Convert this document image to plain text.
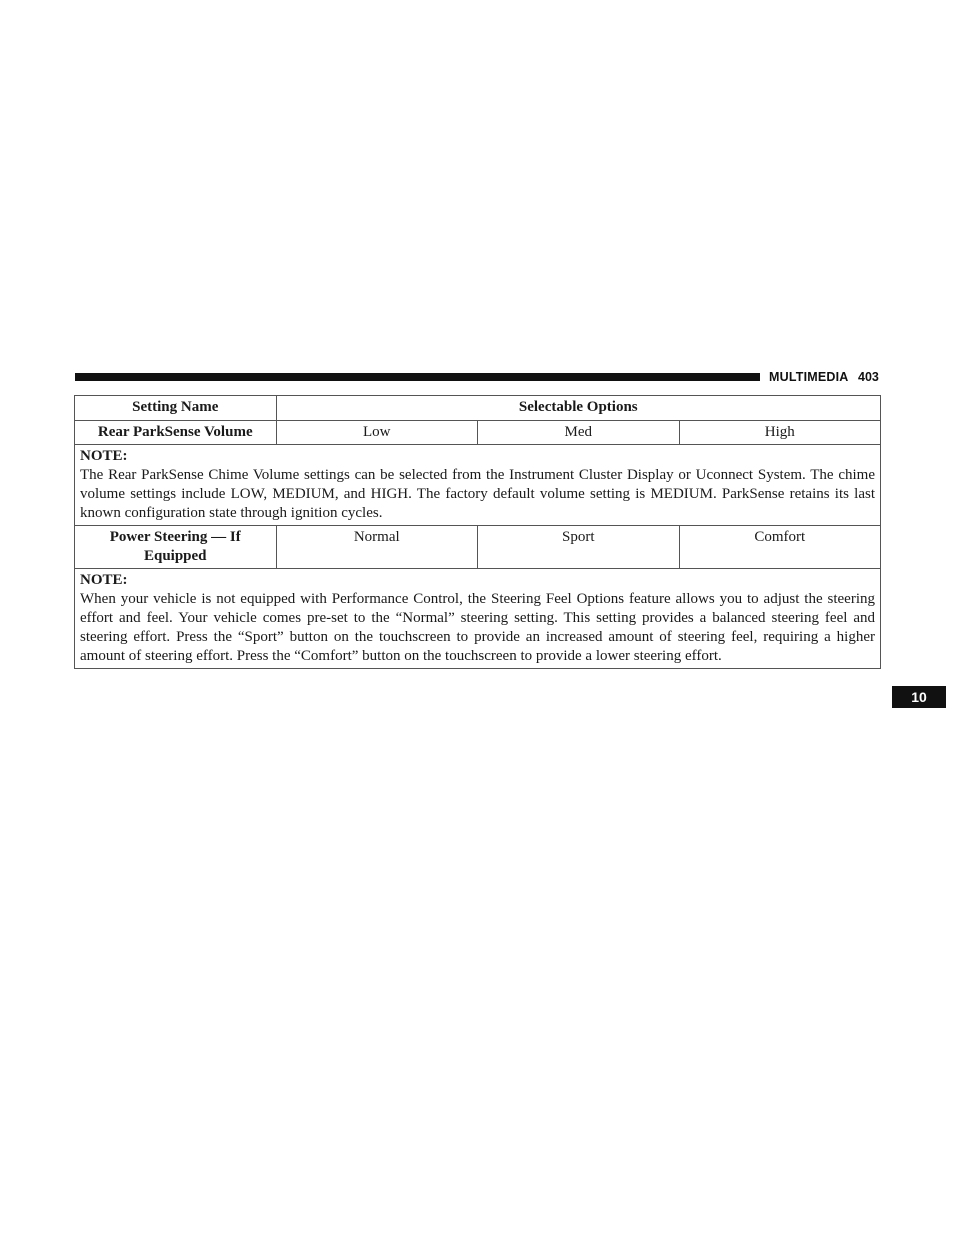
MULTIMEDIA 403
Setting Name	Selectable Options		
Rear ParkSense Volume	Low	Med	High

NOTE:
The Rear ParkSense Chime Volume settings can be selected from the Instrument Cluster Display or Uconnect System. The chime volume settings include LOW, MEDIUM, and HIGH. The factory default volume setting is MEDIUM. ParkSense retains its last known configuration state through ignition cycles.			

Power Steering — If Equipped	Normal	Sport	Comfort

NOTE:
When your vehicle is not equipped with Performance Control, the Steering Feel Options feature allows you to adjust the steering effort and feel. Your vehicle comes pre-set to the “Normal” steering setting. This setting provides a balanced steering feel and steering effort. Press the “Sport” button on the touchscreen to provide an increased amount of steering feel, requiring a higher amount of steering effort. Press the “Comfort” button on the touchscreen to provide a lower steering effort.			
10
